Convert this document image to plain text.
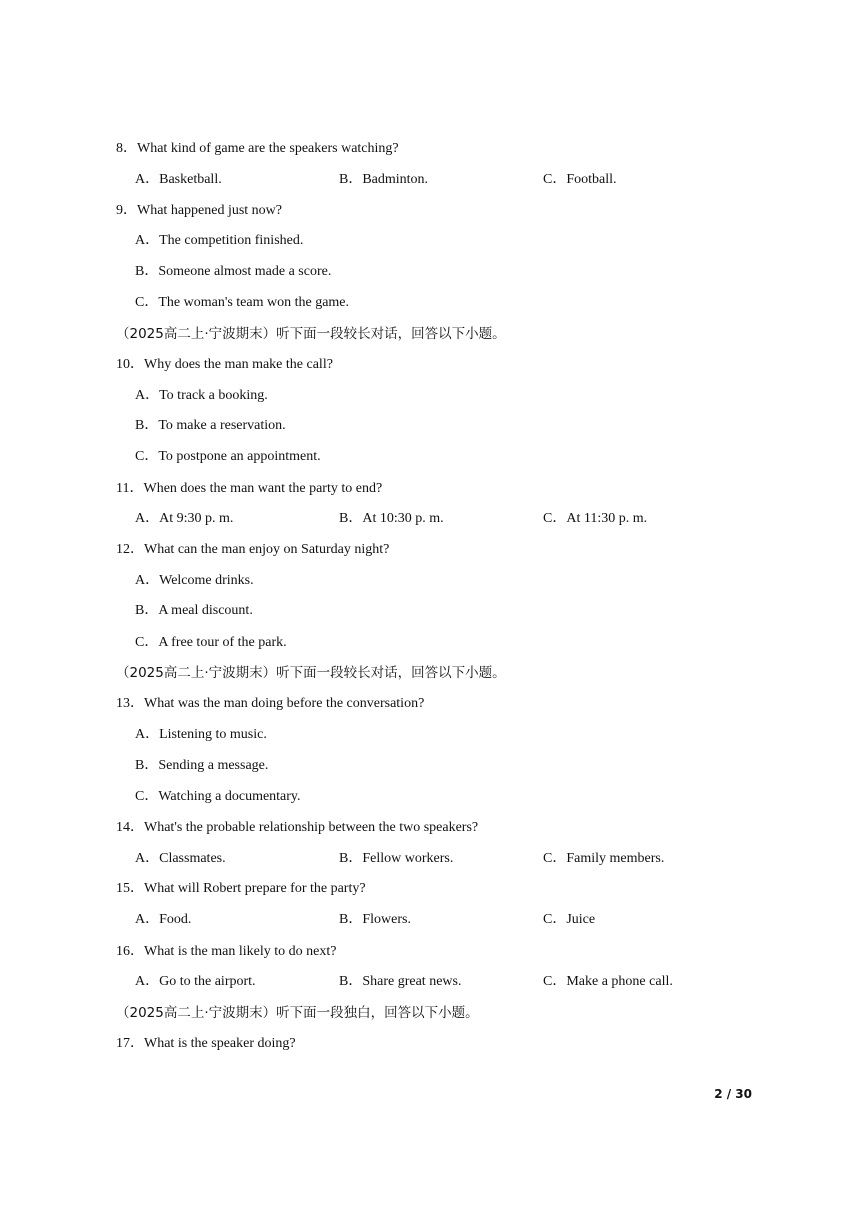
8．What kind of game are the speakers watching?
A．Basketball.	B．Badminton.	C．Football.
9．What happened just now?
A．The competition finished.
B．Someone almost made a score.
C．The woman's team won the game.
（2025高二上·宁波期末）听下面一段较长对话，回答以下小题。
10．Why does the man make the call?
A．To track a booking.
B．To make a reservation.
C．To postpone an appointment.
11．When does the man want the party to end?
A．At 9:30 p. m.	B．At 10:30 p. m.	C．At 11:30 p. m.
12．What can the man enjoy on Saturday night?
A．Welcome drinks.
B．A meal discount.
C．A free tour of the park.
（2025高二上·宁波期末）听下面一段较长对话，回答以下小题。
13．What was the man doing before the conversation?
A．Listening to music.
B．Sending a message.
C．Watching a documentary.
14．What's the probable relationship between the two speakers?
A．Classmates.	B．Fellow workers.	C．Family members.
15．What will Robert prepare for the party?
A．Food.	B．Flowers.	C．Juice
16．What is the man likely to do next?
A．Go to the airport.	B．Share great news.	C．Make a phone call.
（2025高二上·宁波期末）听下面一段独白，回答以下小题。
17．What is the speaker doing?
2 / 30
